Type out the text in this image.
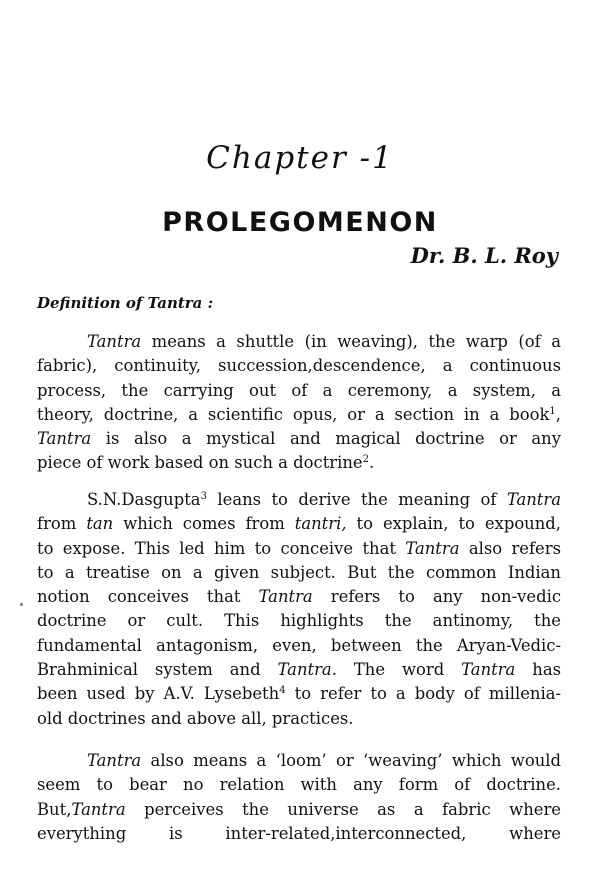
Chapter -1
PROLEGOMENON
Dr. B. L. Roy
Definition of Tantra :
Tantra means a shuttle (in weaving), the warp (of a
fabric), continuity, succession,descendence, a continuous
process, the carrying out of a ceremony, a system, a
theory, doctrine, a scientific opus, or a section in a book$^1$,
Tantra is also a mystical and magical doctrine or any
piece of work based on such a doctrine$^2$.
S.N.Dasgupta$^3$ leans to derive the meaning of Tantra
from tan which comes from tantri, to explain, to expound,
to expose. This led him to conceive that Tantra also refers
to a treatise on a given subject. But the common Indian
notion conceives that Tantra refers to any non-vedic
doctrine or cult. This highlights the antinomy, the
fundamental antagonism, even, between the Aryan-Vedic-
Brahminical system and Tantra. The word Tantra has
been used by A.V. Lysebeth$^4$ to refer to a body of millenia-
old doctrines and above all, practices.
Tantra also means a ‘loom’ or ‘weaving’ which would
seem to bear no relation with any form of doctrine.
But,Tantra perceives the universe as a fabric where
everything is inter-related,interconnected, where
